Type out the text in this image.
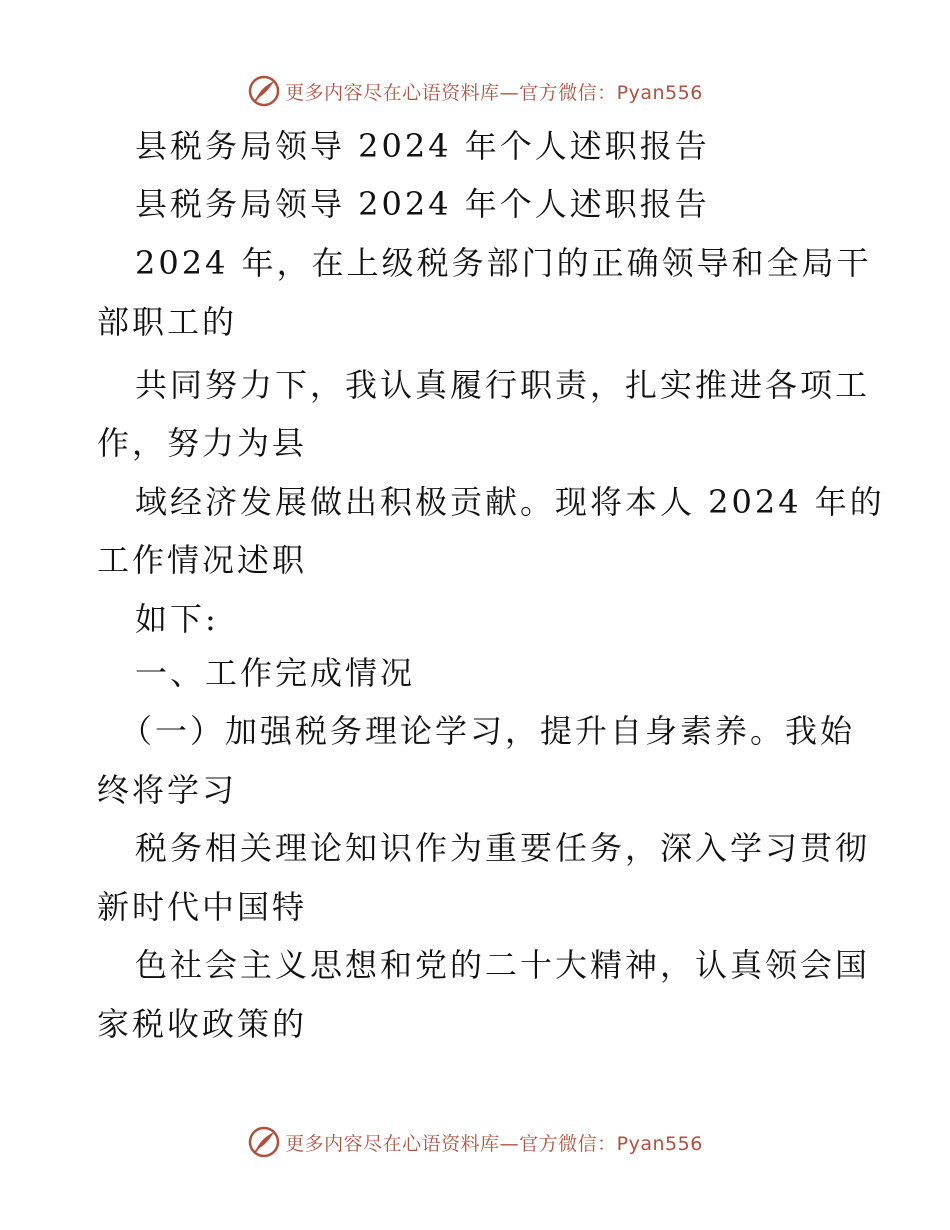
更多内容尽在心语资料库—官方微信：Pyan556
县税务局领导 2024 年个人述职报告
县税务局领导 2024 年个人述职报告
2024 年，在上级税务部门的正确领导和全局干
部职工的
共同努力下，我认真履行职责，扎实推进各项工
作，努力为县
域经济发展做出积极贡献。现将本人 2024 年的
工作情况述职
如下:
一、工作完成情况
（一）加强税务理论学习，提升自身素养。我始
终将学习
税务相关理论知识作为重要任务，深入学习贯彻
新时代中国特
色社会主义思想和党的二十大精神，认真领会国
家税收政策的
更多内容尽在心语资料库—官方微信：Pyan556
